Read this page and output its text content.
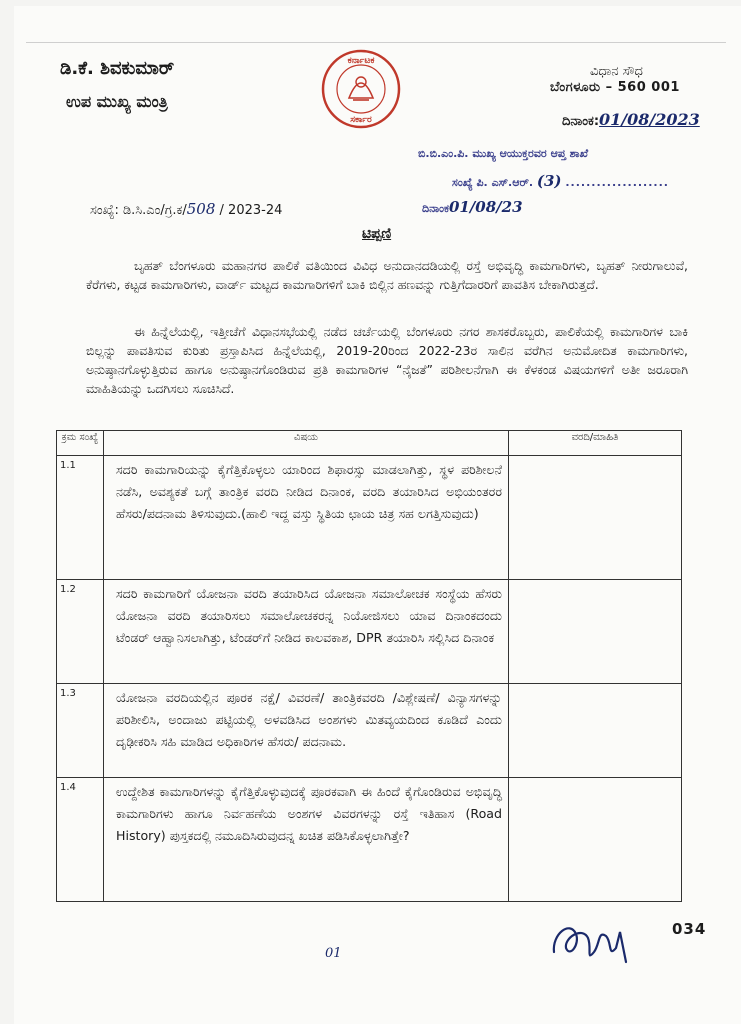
ಡಿ.ಕೆ. ಶಿವಕುಮಾರ್
ಉಪ ಮುಖ್ಯ ಮಂತ್ರಿ
ಕರ್ನಾಟಕ
ಸರ್ಕಾರ
ವಿಧಾನ ಸೌಧ
ಬೆಂಗಳೂರು – 560 001
ದಿನಾಂಕ:01/08/2023
ಬಿ.ಬಿ.ಎಂ.ಪಿ. ಮುಖ್ಯ ಆಯುಕ್ತರವರ ಆಪ್ತ ಶಾಖೆ
ಸಂಖ್ಯೆ ಪಿ. ಎಸ್.ಆರ್. (3) ....................
ದಿನಾಂಕ01/08/23
ಸಂಖ್ಯೆ: ಡಿ.ಸಿ.ಎಂ/ಗ್ರ.ಕ/508 / 2023-24
ಟಿಪ್ಪಣಿ
ಬೃಹತ್ ಬೆಂಗಳೂರು ಮಹಾನಗರ ಪಾಲಿಕೆ ವತಿಯಿಂದ ವಿವಿಧ ಅನುದಾನದಡಿಯಲ್ಲಿ ರಸ್ತೆ ಅಭಿವೃದ್ಧಿ ಕಾಮಗಾರಿಗಳು, ಬೃಹತ್ ನೀರುಗಾಲುವೆ, ಕೆರೆಗಳು, ಕಟ್ಟಡ ಕಾಮಗಾರಿಗಳು, ವಾರ್ಡ್ ಮಟ್ಟದ ಕಾಮಗಾರಿಗಳಿಗೆ ಬಾಕಿ ಬಿಲ್ಲಿನ ಹಣವನ್ನು ಗುತ್ತಿಗೆದಾರರಿಗೆ ಪಾವತಿಸ ಬೇಕಾಗಿರುತ್ತದೆ.
ಈ ಹಿನ್ನೆಲೆಯಲ್ಲಿ, ಇತ್ತೀಚೆಗೆ ವಿಧಾನಸಭೆಯಲ್ಲಿ ನಡೆದ ಚರ್ಚೆಯಲ್ಲಿ ಬೆಂಗಳೂರು ನಗರ ಶಾಸಕರೊಬ್ಬರು, ಪಾಲಿಕೆಯಲ್ಲಿ ಕಾಮಗಾರಿಗಳ ಬಾಕಿ ಬಿಲ್ಲನ್ನು ಪಾವತಿಸುವ ಕುರಿತು ಪ್ರಸ್ತಾಪಿಸಿದ ಹಿನ್ನೆಲೆಯಲ್ಲಿ, 2019-20ರಿಂದ 2022-23ರ ಸಾಲಿನ ವರೆಗಿನ ಅನುಮೋದಿತ ಕಾಮಗಾರಿಗಳು, ಅನುಷ್ಠಾನಗೊಳ್ಳುತ್ತಿರುವ ಹಾಗೂ ಅನುಷ್ಠಾನಗೊಂಡಿರುವ ಪ್ರತಿ ಕಾಮಗಾರಿಗಳ “ನೈಜತೆ” ಪರಿಶೀಲನೆಗಾಗಿ ಈ ಕೆಳಕಂಡ ವಿಷಯಗಳಿಗೆ ಅತೀ ಜರೂರಾಗಿ ಮಾಹಿತಿಯನ್ನು ಒದಗಿಸಲು ಸೂಚಿಸಿದೆ.
ಕ್ರಮ ಸಂಖ್ಯೆ	ವಿಷಯ	ವರದಿ/ಮಾಹಿತಿ
1.1	ಸದರಿ ಕಾಮಗಾರಿಯನ್ನು ಕೈಗೆತ್ತಿಕೊಳ್ಳಲು ಯಾರಿಂದ ಶಿಫಾರಸ್ಸು ಮಾಡಲಾಗಿತ್ತು, ಸ್ಥಳ ಪರಿಶೀಲನೆ ನಡೆಸಿ, ಅವಶ್ಯಕತೆ ಬಗ್ಗೆ ತಾಂತ್ರಿಕ ವರದಿ ನೀಡಿದ ದಿನಾಂಕ, ವರದಿ ತಯಾರಿಸಿದ ಅಭಿಯಂತರರ ಹೆಸರು/ಪದನಾಮ ತಿಳಿಸುವುದು.(ಹಾಲಿ ಇದ್ದ ವಸ್ತು ಸ್ಥಿತಿಯ ಛಾಯ ಚಿತ್ರ ಸಹ ಲಗತ್ತಿಸುವುದು)	
1.2	ಸದರಿ ಕಾಮಗಾರಿಗೆ ಯೋಜನಾ ವರದಿ ತಯಾರಿಸಿದ ಯೋಜನಾ ಸಮಾಲೋಚಕ ಸಂಸ್ಥೆಯ ಹೆಸರು ಯೋಜನಾ ವರದಿ ತಯಾರಿಸಲು ಸಮಾಲೋಚಕರನ್ನ ನಿಯೋಜಿಸಲು ಯಾವ ದಿನಾಂಕದಂದು ಟೆಂಡರ್ ಆಹ್ವಾನಿಸಲಾಗಿತ್ತು, ಟೆಂಡರ್‌ಗೆ ನೀಡಿದ ಕಾಲವಕಾಶ, DPR ತಯಾರಿಸಿ ಸಲ್ಲಿಸಿದ ದಿನಾಂಕ	
1.3	ಯೋಜನಾ ವರದಿಯಲ್ಲಿನ ಪೂರಕ ನಕ್ಷೆ/ ವಿವರಣೆ/ ತಾಂತ್ರಿಕವರದಿ /ವಿಶ್ಲೇಷಣೆ/ ವಿನ್ಯಾಸಗಳನ್ನು ಪರಿಶೀಲಿಸಿ, ಅಂದಾಜು ಪಟ್ಟಿಯಲ್ಲಿ ಅಳವಡಿಸಿದ ಅಂಶಗಳು ಮಿತವ್ಯಯದಿಂದ ಕೂಡಿದೆ ಎಂದು ದೃಢೀಕರಿಸಿ ಸಹಿ ಮಾಡಿದ ಅಧಿಕಾರಿಗಳ ಹೆಸರು/ ಪದನಾಮ.	
1.4	ಉದ್ದೇಶಿತ ಕಾಮಗಾರಿಗಳನ್ನು ಕೈಗೆತ್ತಿಕೊಳ್ಳುವುದಕ್ಕೆ ಪೂರಕವಾಗಿ ಈ ಹಿಂದೆ ಕೈಗೊಂಡಿರುವ ಅಭಿವೃದ್ಧಿ ಕಾಮಗಾರಿಗಳು ಹಾಗೂ ನಿರ್ವಹಣೆಯ ಅಂಶಗಳ ವಿವರಗಳನ್ನು ರಸ್ತೆ ಇತಿಹಾಸ (Road History) ಪುಸ್ತಕದಲ್ಲಿ ನಮೂದಿಸಿರುವುದನ್ನ ಖಚಿತ ಪಡಿಸಿಕೊಳ್ಳಲಾಗಿತ್ತೇ?	
034
01
